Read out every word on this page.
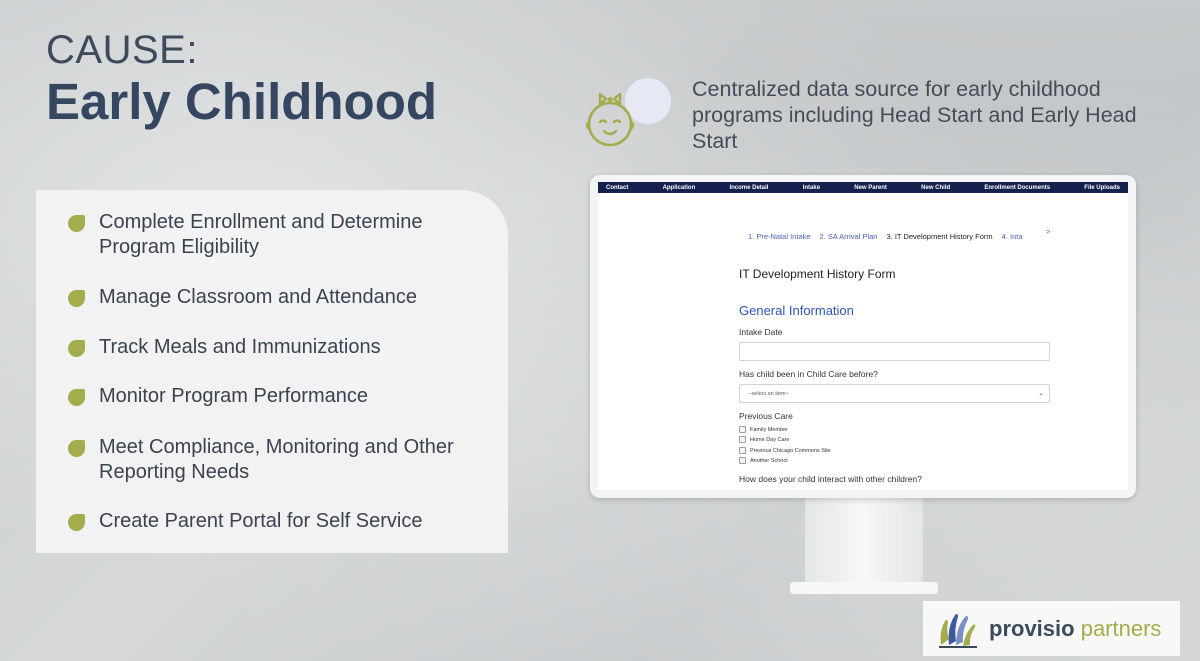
CAUSE:
Early Childhood
Complete Enrollment and Determine Program Eligibility
Manage Classroom and Attendance
Track Meals and Immunizations
Monitor Program Performance
Meet Compliance, Monitoring and Other Reporting Needs
Create Parent Portal for Self Service
Centralized data source for early childhood programs including Head Start and Early Head Start
Contact	Application	Income Detail	Intake	New Parent	New Child	Enrollment Documents	File Uploads
1. Pre-Natal Intake 2. SA Arrival Plan 3. IT Development History Form 4. Inta	>
IT Development History Form
General Information
Intake Date
Has child been in Child Care before?
--select an item--	⌄
Previous Care
Family Member
Home Day Care
Previous Chicago Commons Site
Another School
How does your child interact with other children?
provisio partners
